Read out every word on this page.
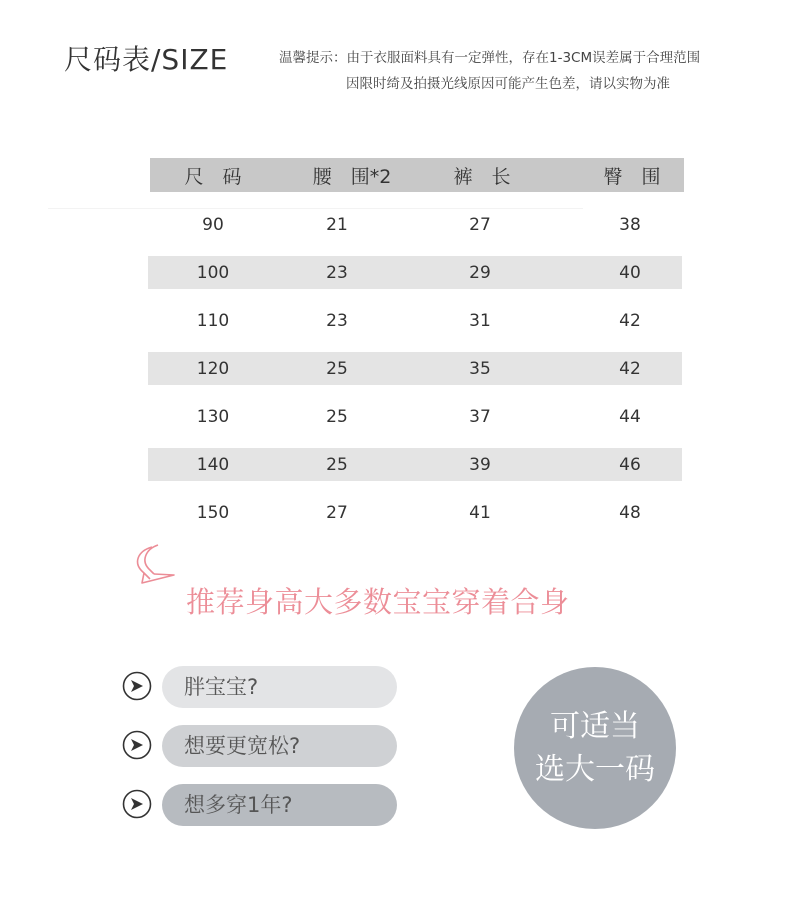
尺码表/SIZE	温馨提示：由于衣服面料具有一定弹性，存在1-3CM误差属于合理范围
因限时绮及拍摄光线原因可能产生色差，请以实物为准
尺　码	腰　围*2	裤　长	臀　围
90	21	27	38
100	23	29	40
110	23	31	42
120	25	35	42
130	25	37	44
140	25	39	46
150	27	41	48
推荐身高大多数宝宝穿着合身
胖宝宝?
想要更宽松?
想多穿1年?
可适当
选大一码
